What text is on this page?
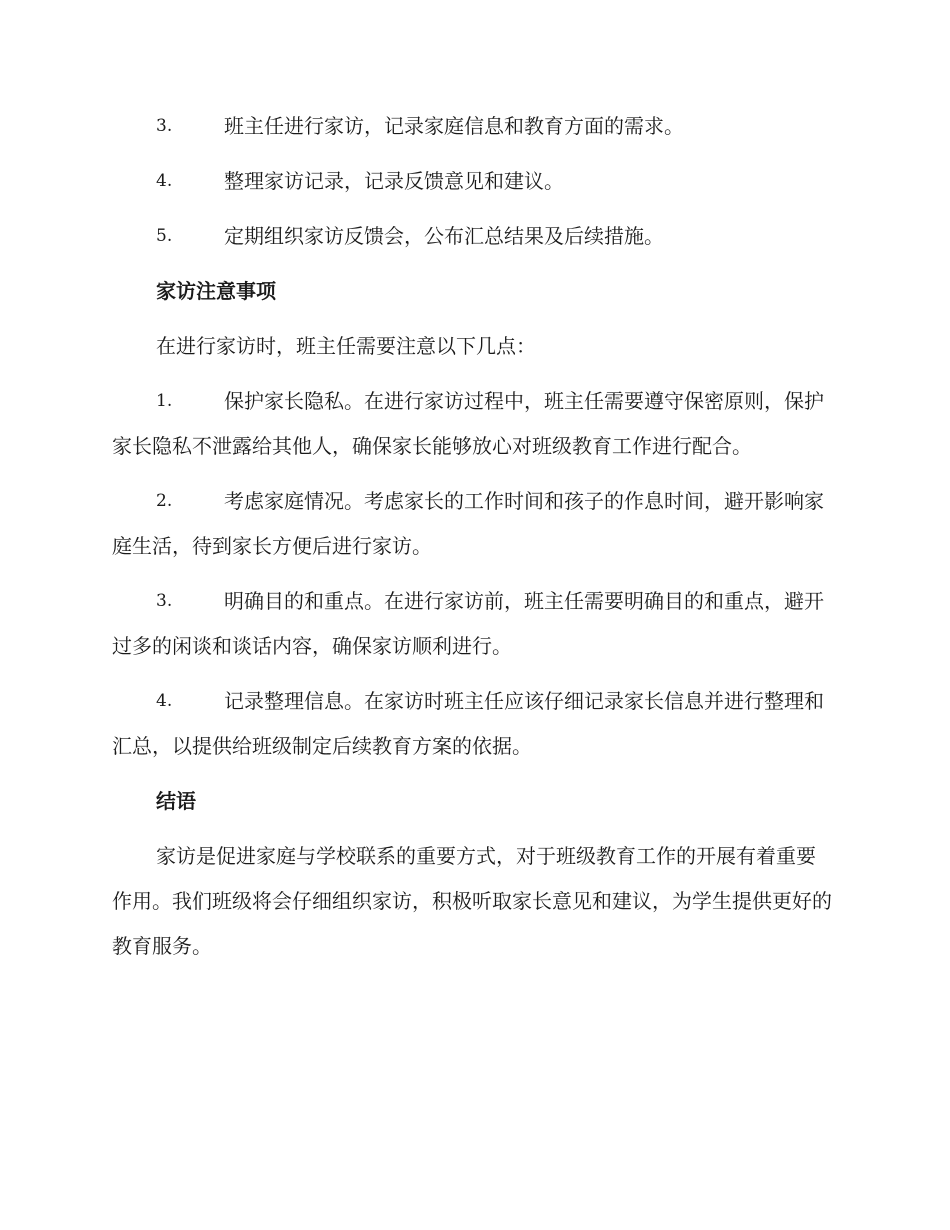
3.	班主任进行家访，记录家庭信息和教育方面的需求。
4.	整理家访记录，记录反馈意见和建议。
5.	定期组织家访反馈会，公布汇总结果及后续措施。
家访注意事项
在进行家访时，班主任需要注意以下几点：
1.	保护家长隐私。在进行家访过程中，班主任需要遵守保密原则，保护家长隐私不泄露给其他人，确保家长能够放心对班级教育工作进行配合。
2.	考虑家庭情况。考虑家长的工作时间和孩子的作息时间，避开影响家庭生活，待到家长方便后进行家访。
3.	明确目的和重点。在进行家访前，班主任需要明确目的和重点，避开过多的闲谈和谈话内容，确保家访顺利进行。
4.	记录整理信息。在家访时班主任应该仔细记录家长信息并进行整理和汇总，以提供给班级制定后续教育方案的依据。
结语
家访是促进家庭与学校联系的重要方式，对于班级教育工作的开展有着重要作用。我们班级将会仔细组织家访，积极听取家长意见和建议，为学生提供更好的教育服务。
